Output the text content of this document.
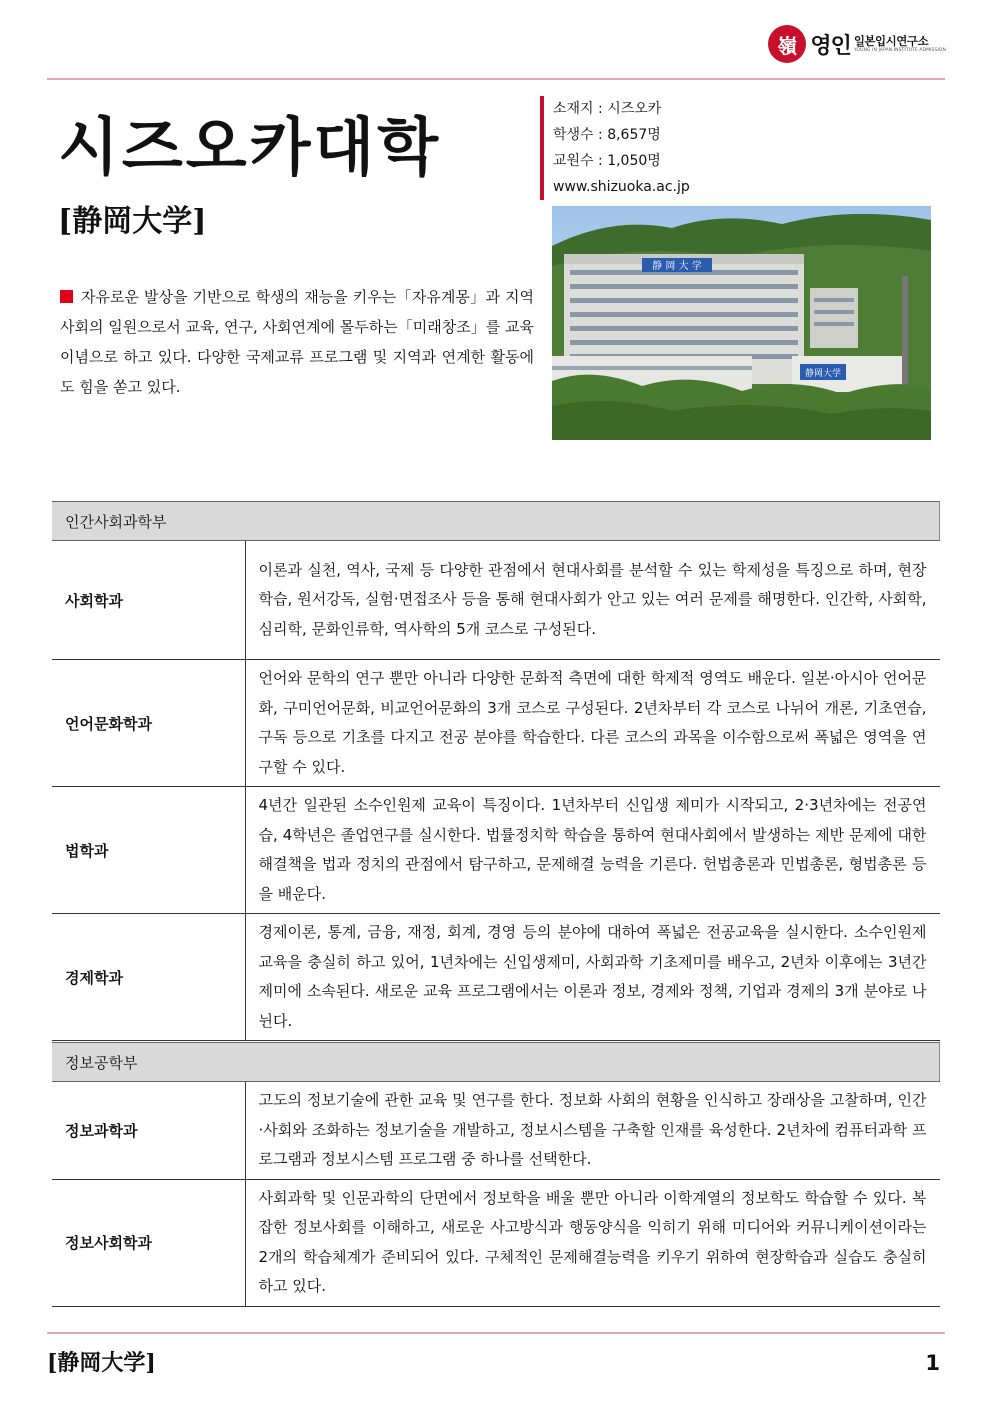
嶺 영인 일본입시연구소
YOUNG IN JAPAN INSTITUTE ADMISSION
시즈오카대학
[静岡大学]
소재지 : 시즈오카
학생수 : 8,657명
교원수 : 1,050명
www.shizuoka.ac.jp
静 岡 大 学
静岡大学

자유로운 발상을 기반으로 학생의 재능을 키우는「자유계몽」과 지역 사회의 일원으로서 교육, 연구, 사회연계에 몰두하는「미래창조」를 교육 이념으로 하고 있다. 다양한 국제교류 프로그램 및 지역과 연계한 활동에도 힘을 쏟고 있다.

인간사회과학부	
사회학과	이론과 실천, 역사, 국제 등 다양한 관점에서 현대사회를 분석할 수 있는 학제성을 특징으로 하며, 현장학습, 원서강독, 실험·면접조사 등을 통해 현대사회가 안고 있는 여러 문제를 해명한다. 인간학, 사회학, 심리학, 문화인류학, 역사학의 5개 코스로 구성된다.
언어문화학과	언어와 문학의 연구 뿐만 아니라 다양한 문화적 측면에 대한 학제적 영역도 배운다. 일본·아시아 언어문화, 구미언어문화, 비교언어문화의 3개 코스로 구성된다. 2년차부터 각 코스로 나뉘어 개론, 기초연습, 구독 등으로 기초를 다지고 전공 분야를 학습한다. 다른 코스의 과목을 이수함으로써 폭넓은 영역을 연구할 수 있다.
법학과	4년간 일관된 소수인원제 교육이 특징이다. 1년차부터 신입생 제미가 시작되고, 2·3년차에는 전공연습, 4학년은 졸업연구를 실시한다. 법률정치학 학습을 통하여 현대사회에서 발생하는 제반 문제에 대한 해결책을 법과 정치의 관점에서 탐구하고, 문제해결 능력을 기른다. 헌법총론과 민법총론, 형법총론 등을 배운다.
경제학과	경제이론, 통계, 금융, 재정, 회계, 경영 등의 분야에 대하여 폭넓은 전공교육을 실시한다. 소수인원제 교육을 충실히 하고 있어, 1년차에는 신입생제미, 사회과학 기초제미를 배우고, 2년차 이후에는 3년간 제미에 소속된다. 새로운 교육 프로그램에서는 이론과 정보, 경제와 정책, 기업과 경제의 3개 분야로 나뉜다.
정보공학부	
정보과학과	고도의 정보기술에 관한 교육 및 연구를 한다. 정보화 사회의 현황을 인식하고 장래상을 고찰하며, 인간·사회와 조화하는 정보기술을 개발하고, 정보시스템을 구축할 인재를 육성한다. 2년차에 컴퓨터과학 프로그램과 정보시스템 프로그램 중 하나를 선택한다.
정보사회학과	사회과학 및 인문과학의 단면에서 정보학을 배울 뿐만 아니라 이학계열의 정보학도 학습할 수 있다. 복잡한 정보사회를 이해하고, 새로운 사고방식과 행동양식을 익히기 위해 미디어와 커뮤니케이션이라는 2개의 학습체계가 준비되어 있다. 구체적인 문제해결능력을 키우기 위하여 현장학습과 실습도 충실히 하고 있다.
[静岡大学]	1
